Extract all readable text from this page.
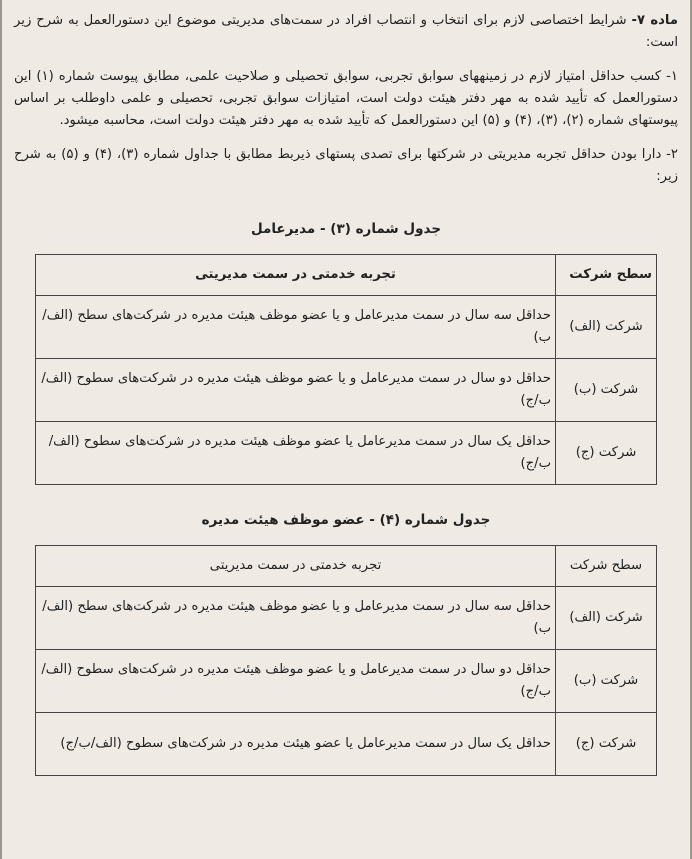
ماده ۷- شرایط اختصاصی لازم برای انتخاب و انتصاب افراد در سمت‌های مدیریتی موضوع این دستورالعمل به شرح زیر است:

۱- کسب حداقل امتیاز لازم در زمینههای سوابق تجربی، سوابق تحصیلی و صلاحیت علمی، مطابق پیوست شماره (۱) این دستورالعمل که تأیید شده به مهر دفتر هیئت دولت است، امتیازات سوابق تجربی، تحصیلی و علمی داوطلب بر اساس پیوستهای شماره (۲)، (۳)، (۴) و (۵) این دستورالعمل که تأیید شده به مهر دفتر هیئت دولت است، محاسبه میشود.

۲- دارا بودن حداقل تجربه مدیریتی در شرکتها برای تصدی پستهای ذیربط مطابق با جداول شماره (۳)، (۴) و (۵) به شرح زیر:

جدول شماره (۳) - مدیرعامل
سطح شرکت	تجربه خدمتی در سمت مدیریتی
شرکت (الف)	حداقل سه سال در سمت مدیرعامل و یا عضو موظف هیئت مدیره در شرکت‌های سطح (الف/ب)
شرکت (ب)	حداقل دو سال در سمت مدیرعامل و یا عضو موظف هیئت مدیره در شرکت‌های سطوح (الف/ب/ج)
شرکت (ج)	حداقل یک سال در سمت مدیرعامل یا عضو موظف هیئت مدیره در شرکت‌های سطوح (الف/ب/ج)
جدول شماره (۴) - عضو موظف هیئت مدیره
سطح شرکت	تجربه خدمتی در سمت مدیریتی
شرکت (الف)	حداقل سه سال در سمت مدیرعامل و یا عضو موظف هیئت مدیره در شرکت‌های سطح (الف/ب)
شرکت (ب)	حداقل دو سال در سمت مدیرعامل و یا عضو موظف هیئت مدیره در شرکت‌های سطوح (الف/ب/ج)
شرکت (ج)	حداقل یک سال در سمت مدیرعامل یا عضو هیئت مدیره در شرکت‌های سطوح (الف/ب/ج)
